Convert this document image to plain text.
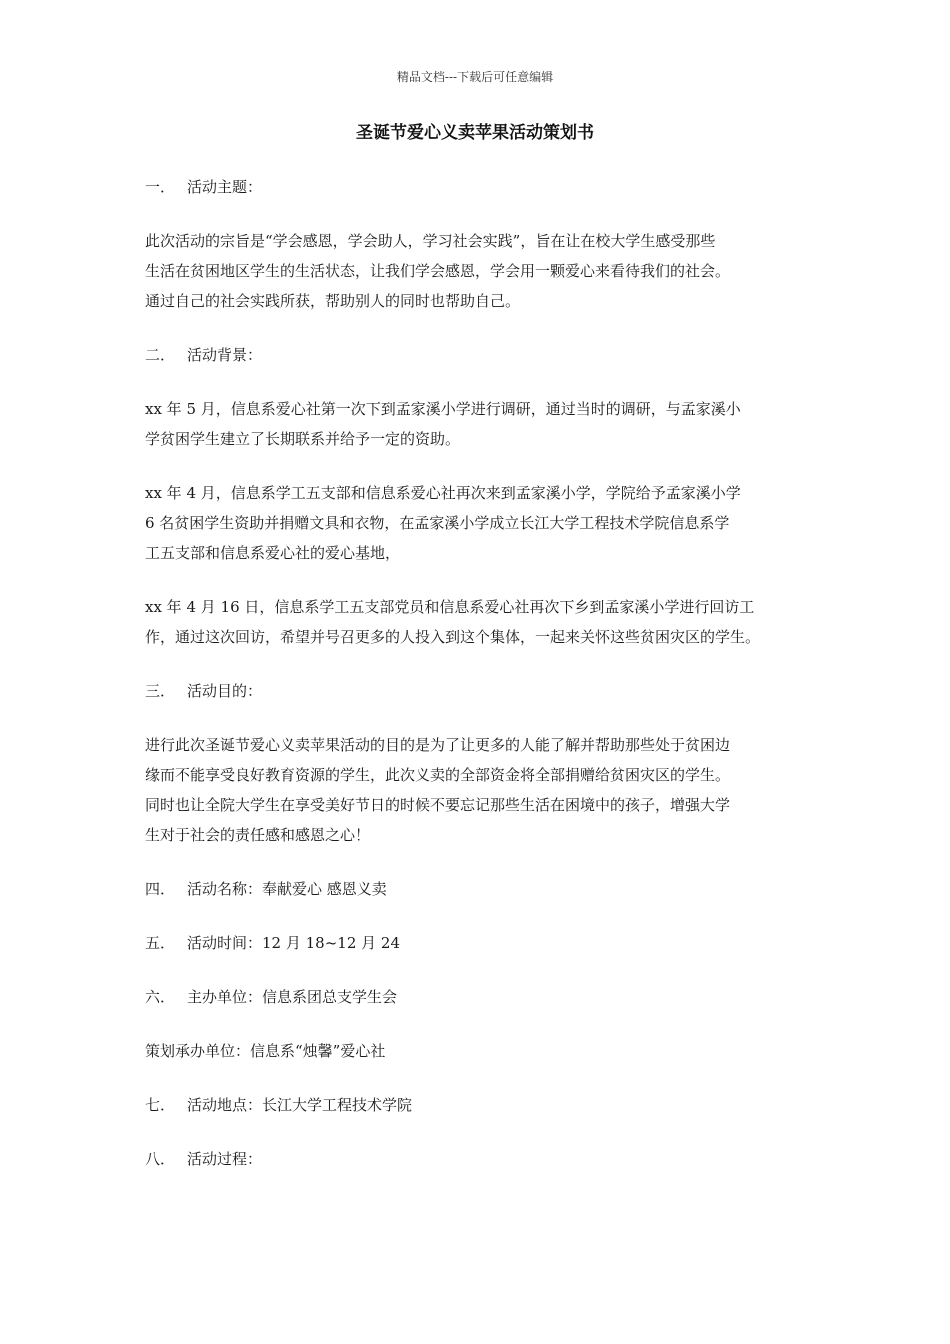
精品文档---下载后可任意编辑
圣诞节爱心义卖苹果活动策划书
一． 活动主题：
此次活动的宗旨是“学会感恩，学会助人，学习社会实践”，旨在让在校大学生感受那些
生活在贫困地区学生的生活状态，让我们学会感恩，学会用一颗爱心来看待我们的社会。
通过自己的社会实践所获，帮助别人的同时也帮助自己。
二． 活动背景：
xx 年 5 月，信息系爱心社第一次下到孟家溪小学进行调研，通过当时的调研，与孟家溪小
学贫困学生建立了长期联系并给予一定的资助。
xx 年 4 月，信息系学工五支部和信息系爱心社再次来到孟家溪小学，学院给予孟家溪小学
6 名贫困学生资助并捐赠文具和衣物，在孟家溪小学成立长江大学工程技术学院信息系学
工五支部和信息系爱心社的爱心基地，
xx 年 4 月 16 日，信息系学工五支部党员和信息系爱心社再次下乡到孟家溪小学进行回访工
作，通过这次回访，希望并号召更多的人投入到这个集体，一起来关怀这些贫困灾区的学生。
三． 活动目的：
进行此次圣诞节爱心义卖苹果活动的目的是为了让更多的人能了解并帮助那些处于贫困边
缘而不能享受良好教育资源的学生，此次义卖的全部资金将全部捐赠给贫困灾区的学生。
同时也让全院大学生在享受美好节日的时候不要忘记那些生活在困境中的孩子，增强大学
生对于社会的责任感和感恩之心！
四． 活动名称：奉献爱心 感恩义卖
五． 活动时间：12 月 18~12 月 24
六． 主办单位：信息系团总支学生会
策划承办单位：信息系“烛馨”爱心社
七． 活动地点：长江大学工程技术学院
八． 活动过程：
